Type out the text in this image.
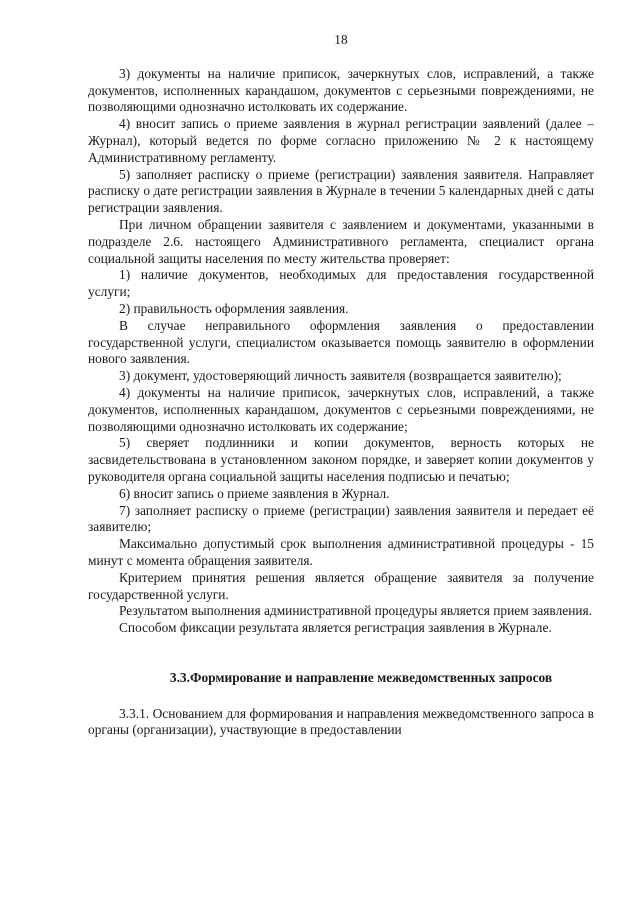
18

3) документы на наличие приписок, зачеркнутых слов, исправлений, а также документов, исполненных карандашом, документов с серьезными повреждениями, не позволяющими однозначно истолковать их содержание.

4) вносит запись о приеме заявления в журнал регистрации заявлений (далее – Журнал), который ведется по форме согласно приложению № 2 к настоящему Административному регламенту.

5) заполняет расписку о приеме (регистрации) заявления заявителя. Направляет расписку о дате регистрации заявления в Журнале в течении 5 календарных дней с даты регистрации заявления.

При личном обращении заявителя с заявлением и документами, указанными в подразделе 2.6. настоящего Административного регламента, специалист органа социальной защиты населения по месту жительства проверяет:

1) наличие документов, необходимых для предоставления государственной услуги;

2) правильность оформления заявления.

В случае неправильного оформления заявления о предоставлении государственной услуги, специалистом оказывается помощь заявителю в оформлении нового заявления.

3) документ, удостоверяющий личность заявителя (возвращается заявителю);

4) документы на наличие приписок, зачеркнутых слов, исправлений, а также документов, исполненных карандашом, документов с серьезными повреждениями, не позволяющими однозначно истолковать их содержание;

5) сверяет подлинники и копии документов, верность которых не засвидетельствована в установленном законом порядке, и заверяет копии документов у руководителя органа социальной защиты населения подписью и печатью;

6) вносит запись о приеме заявления в Журнал.

7) заполняет расписку о приеме (регистрации) заявления заявителя и передает её заявителю;

Максимально допустимый срок выполнения административной процедуры - 15 минут с момента обращения заявителя.

Критерием принятия решения является обращение заявителя за получение государственной услуги.

Результатом выполнения административной процедуры является прием заявления.

Способом фиксации результата является регистрация заявления в Журнале.

3.3.Формирование и направление межведомственных запросов

3.3.1. Основанием для формирования и направления межведомственного запроса в органы (организации), участвующие в предоставлении
